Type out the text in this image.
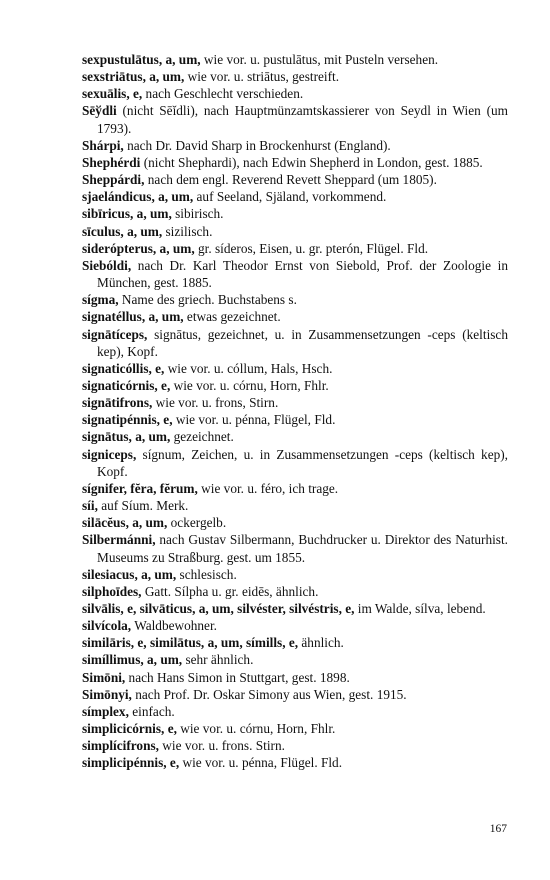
sexpustulātus, a, um, wie vor. u. pustulātus, mit Pusteln versehen.

sexstriātus, a, um, wie vor. u. striātus, gestreift.

sexuālis, e, nach Geschlecht verschieden.

Sēўdli (nicht Sēĭdli), nach Hauptmünzamtskassierer von Seydl in Wien (um 1793).

Shárpi, nach Dr. David Sharp in Brockenhurst (England).

Shephérdi (nicht Shephardi), nach Edwin Shepherd in London, gest. 1885.

Sheppárdi, nach dem engl. Reverend Revett Sheppard (um 1805).

sjaelándicus, a, um, auf Seeland, Själand, vorkommend.

sibīricus, a, um, sibirisch.

sīculus, a, um, sizilisch.

siderópterus, a, um, gr. síderos, Eisen, u. gr. pterón, Flügel. Fld.

Siebóldi, nach Dr. Karl Theodor Ernst von Siebold, Prof. der Zoologie in München, gest. 1885.

sígma, Name des griech. Buchstabens s.

signatéllus, a, um, etwas gezeichnet.

signātíceps, signātus, gezeichnet, u. in Zusammensetzungen -ceps (keltisch kep), Kopf.

signaticóllis, e, wie vor. u. cóllum, Hals, Hsch.

signaticórnis, e, wie vor. u. córnu, Horn, Fhlr.

signātifrons, wie vor. u. frons, Stirn.

signatipénnis, e, wie vor. u. pénna, Flügel, Fld.

signātus, a, um, gezeichnet.

signiceps, sígnum, Zeichen, u. in Zusammensetzungen -ceps (keltisch kep), Kopf.

sígnifer, fĕra, fĕrum, wie vor. u. féro, ich trage.

síi, auf Síum. Merk.

silācĕus, a, um, ockergelb.

Silbermánni, nach Gustav Silbermann, Buchdrucker u. Direktor des Naturhist. Museums zu Straßburg. gest. um 1855.

silesiacus, a, um, schlesisch.

silphoīdes, Gatt. Sílpha u. gr. eidēs, ähnlich.

silvālis, e, silvāticus, a, um, silvéster, silvéstris, e, im Walde, sílva, lebend.

silvícola, Waldbewohner.

similāris, e, similātus, a, um, símills, e, ähnlich.

simíllimus, a, um, sehr ähnlich.

Simōni, nach Hans Simon in Stuttgart, gest. 1898.

Simōnyi, nach Prof. Dr. Oskar Simony aus Wien, gest. 1915.

símplex, einfach.

simplicicórnis, e, wie vor. u. córnu, Horn, Fhlr.

simplícifrons, wie vor. u. frons. Stirn.

simplicipénnis, e, wie vor. u. pénna, Flügel. Fld.

167
